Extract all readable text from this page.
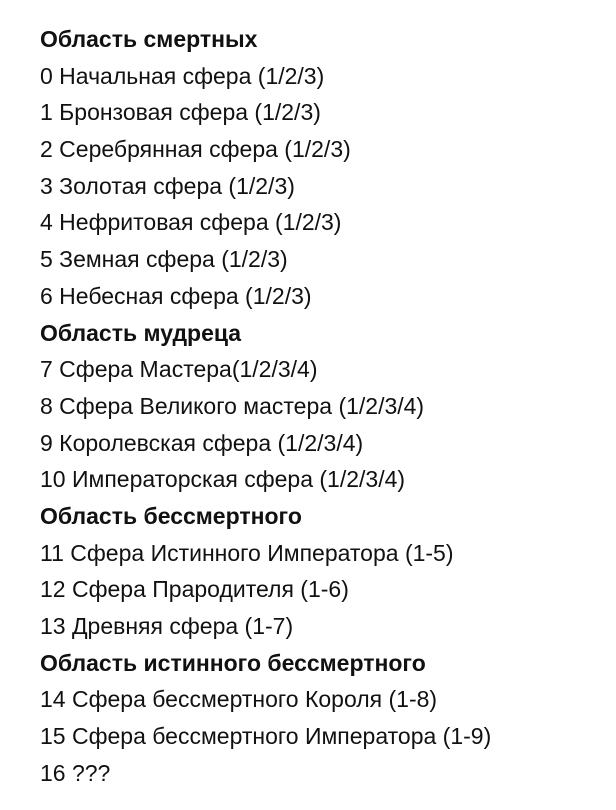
Область смертных
0 Начальная сфера (1/2/3)
1 Бронзовая сфера (1/2/3)
2 Серебрянная сфера (1/2/3)
3 Золотая сфера (1/2/3)
4 Нефритовая сфера (1/2/3)
5 Земная сфера (1/2/3)
6 Небесная сфера (1/2/3)
Область мудреца
7 Сфера Мастера(1/2/3/4)
8 Сфера Великого мастера (1/2/3/4)
9 Королевская сфера (1/2/3/4)
10 Императорская сфера (1/2/3/4)
Область бессмертного
11 Сфера Истинного Императора (1-5)
12 Сфера Прародителя (1-6)
13 Древняя сфера (1-7)
Область истинного бессмертного
14 Сфера бессмертного Короля (1-8)
15 Сфера бессмертного Императора (1-9)
16 ???
